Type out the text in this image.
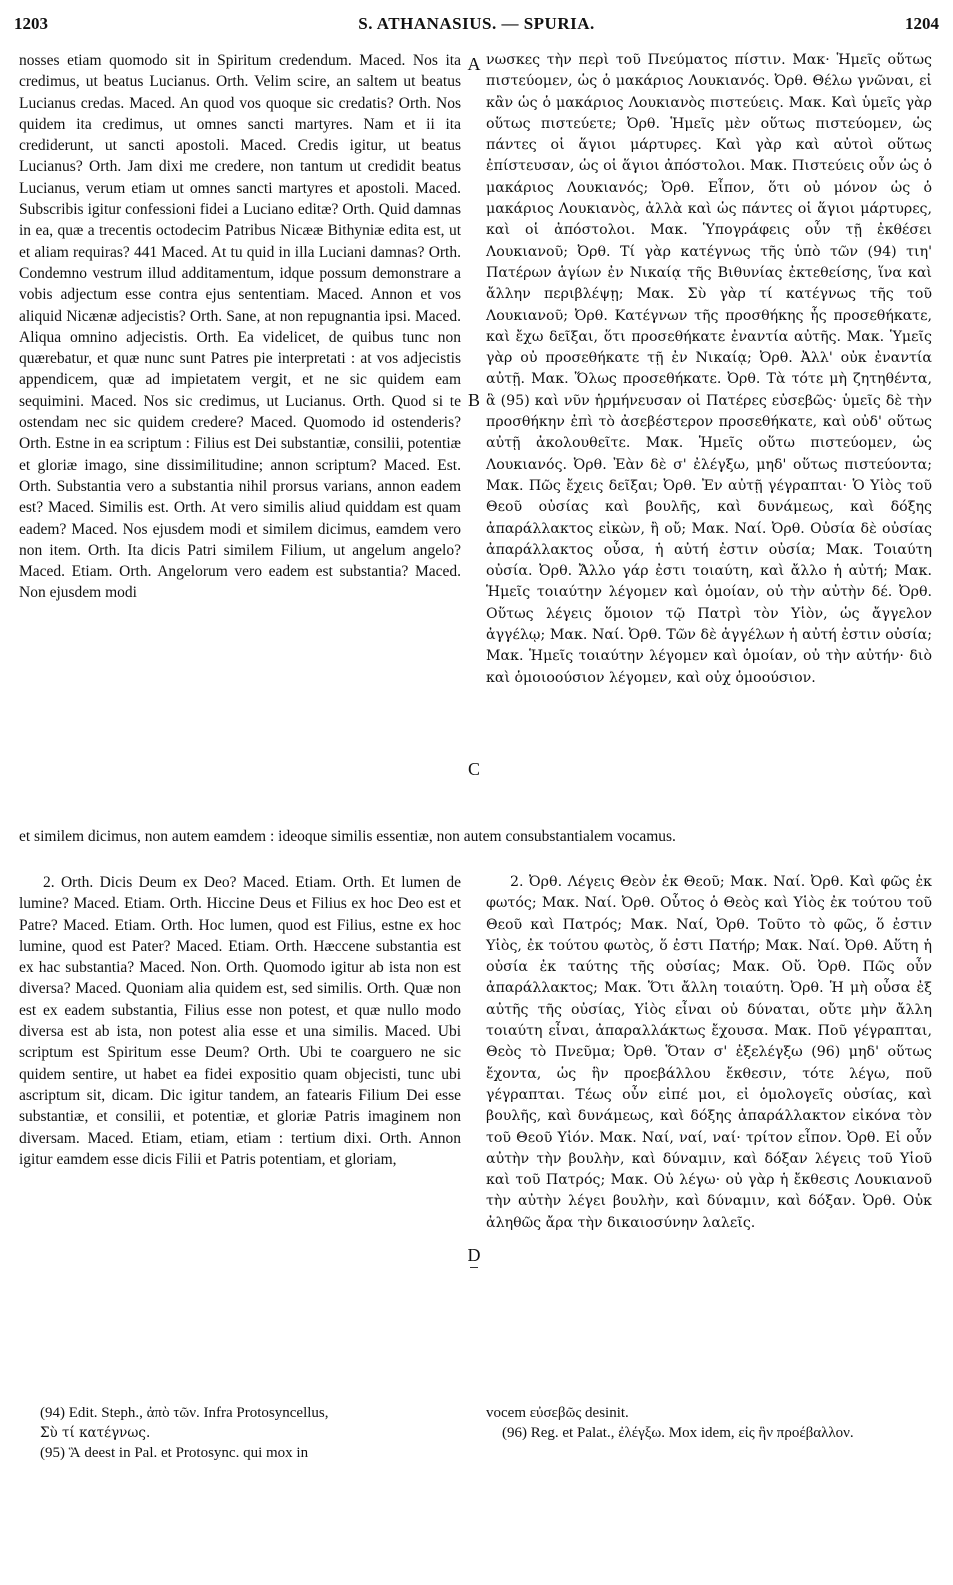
1203	S. ATHANASIUS. — SPURIA.	1204

nosses etiam quomodo sit in Spiritum credendum. Maced. Nos ita credimus, ut beatus Lucianus. Orth. Velim scire, an saltem ut beatus Lucianus credas. Maced. An quod vos quoque sic credatis? Orth. Nos quidem ita credimus, ut omnes sancti martyres. Nam et ii ita crediderunt, ut sancti apostoli. Maced. Credis igitur, ut beatus Lucianus? Orth. Jam dixi me credere, non tantum ut credidit beatus Lucianus, verum etiam ut omnes sancti martyres et apostoli. Maced. Subscribis igitur confessioni fidei a Luciano editæ? Orth. Quid damnas in ea, quæ a trecentis octodecim Patribus Nicææ Bithyniæ edita est, ut et aliam requiras? 441 Maced. At tu quid in illa Luciani damnas? Orth. Condemno vestrum illud additamentum, idque possum demonstrare a vobis adjectum esse contra ejus sententiam. Maced. Annon et vos aliquid Nicænæ adjecistis? Orth. Sane, at non repugnantia ipsi. Maced. Aliqua omnino adjecistis. Orth. Ea videlicet, de quibus tunc non quærebatur, et quæ nunc sunt Patres pie interpretati : at vos adjecistis appendicem, quæ ad impietatem vergit, et ne sic quidem eam sequimini. Maced. Nos sic credimus, ut Lucianus. Orth. Quod si te ostendam nec sic quidem credere? Maced. Quomodo id ostenderis? Orth. Estne in ea scriptum : Filius est Dei substantiæ, consilii, potentiæ et gloriæ imago, sine dissimilitudine; annon scriptum? Maced. Est. Orth. Substantia vero a substantia nihil prorsus varians, annon eadem est? Maced. Similis est. Orth. At vero similis aliud quiddam est quam eadem? Maced. Nos ejusdem modi et similem dicimus, eamdem vero non item. Orth. Ita dicis Patri similem Filium, ut angelum angelo? Maced. Etiam. Orth. Angelorum vero eadem est substantia? Maced. Non ejusdem modi

νωσκες τὴν περὶ τοῦ Πνεύματος πίστιν. Μακ· Ἡμεῖς οὕτως πιστεύομεν, ὡς ὁ μακάριος Λουκιανός. Ὀρθ. Θέλω γνῶναι, εἰ κἂν ὡς ὁ μακάριος Λουκιανὸς πιστεύεις. Μακ. Καὶ ὑμεῖς γὰρ οὕτως πιστεύετε; Ὀρθ. Ἡμεῖς μὲν οὕτως πιστεύομεν, ὡς πάντες οἱ ἅγιοι μάρτυρες. Καὶ γὰρ καὶ αὐτοὶ οὕτως ἐπίστευσαν, ὡς οἱ ἅγιοι ἀπόστολοι. Μακ. Πιστεύεις οὖν ὡς ὁ μακάριος Λουκιανός; Ὀρθ. Εἶπον, ὅτι οὐ μόνον ὡς ὁ μακάριος Λουκιανὸς, ἀλλὰ καὶ ὡς πάντες οἱ ἅγιοι μάρτυρες, καὶ οἱ ἀπόστολοι. Μακ. Ὑπογράφεις οὖν τῇ ἐκθέσει Λουκιανοῦ; Ὀρθ. Τί γὰρ κατέγνως τῆς ὑπὸ τῶν (94) τιη' Πατέρων ἁγίων ἐν Νικαίᾳ τῆς Βιθυνίας ἐκτεθείσης, ἵνα καὶ ἄλλην περιβλέψῃ; Μακ. Σὺ γὰρ τί κατέγνως τῆς τοῦ Λουκιανοῦ; Ὀρθ. Κατέγνων τῆς προσθήκης ἧς προσεθήκατε, καὶ ἔχω δεῖξαι, ὅτι προσεθήκατε ἐναντία αὐτῆς. Μακ. Ὑμεῖς γὰρ οὐ προσεθήκατε τῇ ἐν Νικαίᾳ; Ὀρθ. Ἀλλ' οὐκ ἐναντία αὐτῇ. Μακ. Ὅλως προσεθήκατε. Ὀρθ. Τὰ τότε μὴ ζητηθέντα, ἃ (95) καὶ νῦν ἡρμήνευσαν οἱ Πατέρες εὐσεβῶς· ὑμεῖς δὲ τὴν προσθήκην ἐπὶ τὸ ἀσεβέστερον προσεθήκατε, καὶ οὐδ' οὕτως αὐτῇ ἀκολουθεῖτε. Μακ. Ἡμεῖς οὕτω πιστεύομεν, ὡς Λουκιανός. Ὀρθ. Ἐὰν δὲ σ' ἐλέγξω, μηδ' οὕτως πιστεύοντα; Μακ. Πῶς ἔχεις δεῖξαι; Ὀρθ. Ἐν αὐτῇ γέγραπται· Ὁ Υἱὸς τοῦ Θεοῦ οὐσίας καὶ βουλῆς, καὶ δυνάμεως, καὶ δόξης ἀπαράλλακτος εἰκὼν, ἢ οὔ; Μακ. Ναί. Ὀρθ. Οὐσία δὲ οὐσίας ἀπαράλλακτος οὖσα, ἡ αὐτή ἐστιν οὐσία; Μακ. Τοιαύτη οὐσία. Ὀρθ. Ἄλλο γάρ ἐστι τοιαύτη, καὶ ἄλλο ἡ αὐτή; Μακ. Ἡμεῖς τοιαύτην λέγομεν καὶ ὁμοίαν, οὐ τὴν αὐτὴν δέ. Ὀρθ. Οὕτως λέγεις ὅμοιον τῷ Πατρὶ τὸν Υἱὸν, ὡς ἄγγελον ἀγγέλῳ; Μακ. Ναί. Ὀρθ. Τῶν δὲ ἀγγέλων ἡ αὐτή ἐστιν οὐσία; Μακ. Ἡμεῖς τοιαύτην λέγομεν καὶ ὁμοίαν, οὐ τὴν αὐτήν· διὸ καὶ ὁμοιοούσιον λέγομεν, καὶ οὐχ ὁμοούσιον.

A
B
C
D

et similem dicimus, non autem eamdem : ideoque similis essentiæ, non autem consubstantialem vocamus.

2. Orth. Dicis Deum ex Deo? Maced. Etiam. Orth. Et lumen de lumine? Maced. Etiam. Orth. Hiccine Deus et Filius ex hoc Deo est et Patre? Maced. Etiam. Orth. Hoc lumen, quod est Filius, estne ex hoc lumine, quod est Pater? Maced. Etiam. Orth. Hæccene substantia est ex hac substantia? Maced. Non. Orth. Quomodo igitur ab ista non est diversa? Maced. Quoniam alia quidem est, sed similis. Orth. Quæ non est ex eadem substantia, Filius esse non potest, et quæ nullo modo diversa est ab ista, non potest alia esse et una similis. Maced. Ubi scriptum est Spiritum esse Deum? Orth. Ubi te coarguero ne sic quidem sentire, ut habet ea fidei expositio quam objecisti, tunc ubi ascriptum sit, dicam. Dic igitur tandem, an fatearis Filium Dei esse substantiæ, et consilii, et potentiæ, et gloriæ Patris imaginem non diversam. Maced. Etiam, etiam, etiam : tertium dixi. Orth. Annon igitur eamdem esse dicis Filii et Patris potentiam, et gloriam,

2. Ὀρθ. Λέγεις Θεὸν ἐκ Θεοῦ; Μακ. Ναί. Ὀρθ. Καὶ φῶς ἐκ φωτός; Μακ. Ναί. Ὀρθ. Οὗτος ὁ Θεὸς καὶ Υἱὸς ἐκ τούτου τοῦ Θεοῦ καὶ Πατρός; Μακ. Ναί, Ὀρθ. Τοῦτο τὸ φῶς, ὅ ἐστιν Υἱὸς, ἐκ τούτου φωτὸς, ὅ ἐστι Πατήρ; Μακ. Ναί. Ὀρθ. Αὕτη ἡ οὐσία ἐκ ταύτης τῆς οὐσίας; Μακ. Οὔ. Ὀρθ. Πῶς οὖν ἀπαράλλακτος; Μακ. Ὅτι ἄλλη τοιαύτη. Ὀρθ. Ἡ μὴ οὖσα ἐξ αὐτῆς τῆς οὐσίας, Υἱὸς εἶναι οὐ δύναται, οὔτε μὴν ἄλλη τοιαύτη εἶναι, ἀπαραλλάκτως ἔχουσα. Μακ. Ποῦ γέγραπται, Θεὸς τὸ Πνεῦμα; Ὀρθ. Ὅταν σ' ἐξελέγξω (96) μηδ' οὕτως ἔχοντα, ὡς ἣν προεβάλλου ἔκθεσιν, τότε λέγω, ποῦ γέγραπται. Τέως οὖν εἰπέ μοι, εἰ ὁμολογεῖς οὐσίας, καὶ βουλῆς, καὶ δυνάμεως, καὶ δόξης ἀπαράλλακτον εἰκόνα τὸν τοῦ Θεοῦ Υἱόν. Μακ. Ναί, ναί, ναί· τρίτον εἶπον. Ὀρθ. Εἰ οὖν αὐτὴν τὴν βουλὴν, καὶ δύναμιν, καὶ δόξαν λέγεις τοῦ Υἱοῦ καὶ τοῦ Πατρός; Μακ. Οὐ λέγω· οὐ γὰρ ἡ ἔκθεσις Λουκιανοῦ τὴν αὐτὴν λέγει βουλὴν, καὶ δύναμιν, καὶ δόξαν. Ὀρθ. Οὐκ ἀληθῶς ἄρα τὴν δικαιοσύνην λαλεῖς.

(94) Edit. Steph., ἀπὸ τῶν. Infra Protosyncellus,

Σὺ τί κατέγνως.

(95) Ἃ deest in Pal. et Protosync. qui mox in

vocem εὐσεβῶς desinit.

(96) Reg. et Palat., ἐλέγξω. Mox idem, εἰς ἣν προέβαλλον.
